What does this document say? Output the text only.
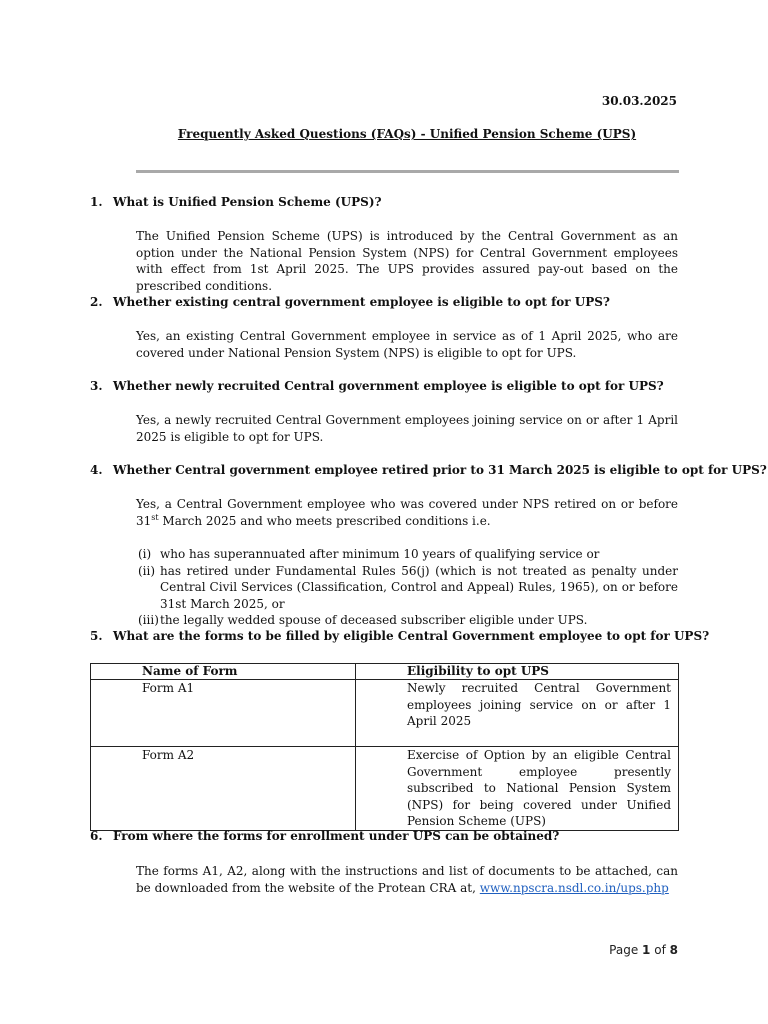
30.03.2025
Frequently Asked Questions (FAQs) - Unified Pension Scheme (UPS)
1. What is Unified Pension Scheme (UPS)?
The Unified Pension Scheme (UPS) is introduced by the Central Government as an option under the National Pension System (NPS) for Central Government employees with effect from 1st April 2025. The UPS provides assured pay-out based on the prescribed conditions.
2. Whether existing central government employee is eligible to opt for UPS?
Yes, an existing Central Government employee in service as of 1 April 2025, who are covered under National Pension System (NPS) is eligible to opt for UPS.
3. Whether newly recruited Central government employee is eligible to opt for UPS?
Yes, a newly recruited Central Government employees joining service on or after 1 April 2025 is eligible to opt for UPS.
4. Whether Central government employee retired prior to 31 March 2025 is eligible to opt for UPS?
Yes, a Central Government employee who was covered under NPS retired on or before 31st March 2025 and who meets prescribed conditions i.e.
(i) who has superannuated after minimum 10 years of qualifying service or
(ii) has retired under Fundamental Rules 56(j) (which is not treated as penalty under Central Civil Services (Classification, Control and Appeal) Rules, 1965), on or before 31st March 2025, or
(iii) the legally wedded spouse of deceased subscriber eligible under UPS.
5. What are the forms to be filled by eligible Central Government employee to opt for UPS?
Name of Form	Eligibility to opt UPS
Form A1	Newly recruited Central Government employees joining service on or after 1 April 2025
Form A2	Exercise of Option by an eligible Central Government employee presently subscribed to National Pension System (NPS) for being covered under Unified Pension Scheme (UPS)
6. From where the forms for enrollment under UPS can be obtained?
The forms A1, A2, along with the instructions and list of documents to be attached, can be downloaded from the website of the Protean CRA at, www.npscra.nsdl.co.in/ups.php
Page 1 of 8
